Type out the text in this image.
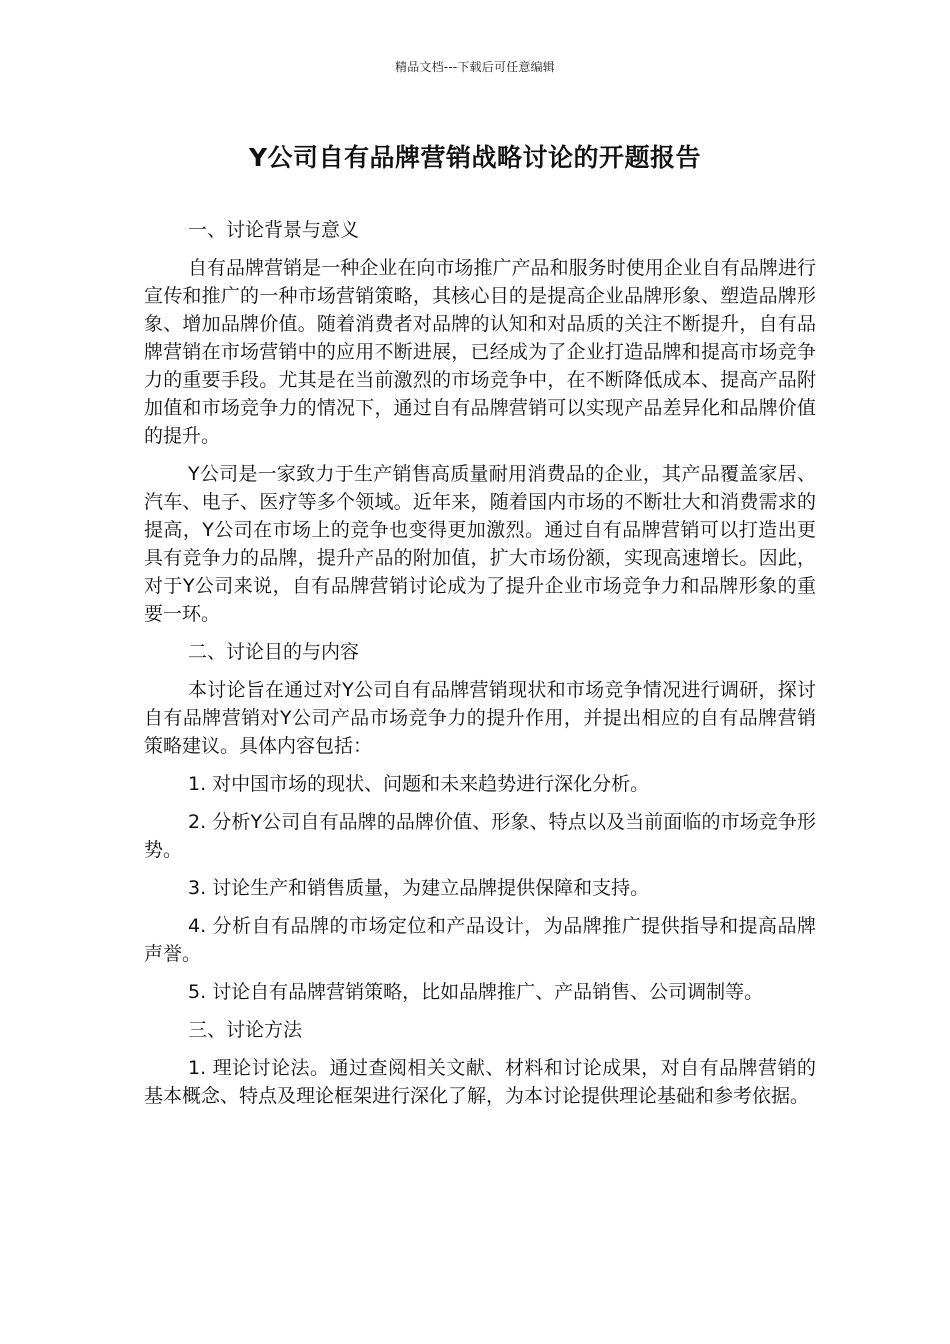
精品文档---下载后可任意编辑
Y公司自有品牌营销战略讨论的开题报告

一、讨论背景与意义

自有品牌营销是一种企业在向市场推广产品和服务时使用企业自有品牌进行宣传和推广的一种市场营销策略，其核心目的是提高企业品牌形象、塑造品牌形象、增加品牌价值。随着消费者对品牌的认知和对品质的关注不断提升，自有品牌营销在市场营销中的应用不断进展，已经成为了企业打造品牌和提高市场竞争力的重要手段。尤其是在当前激烈的市场竞争中，在不断降低成本、提高产品附加值和市场竞争力的情况下，通过自有品牌营销可以实现产品差异化和品牌价值的提升。

Y公司是一家致力于生产销售高质量耐用消费品的企业，其产品覆盖家居、汽车、电子、医疗等多个领域。近年来，随着国内市场的不断壮大和消费需求的提高，Y公司在市场上的竞争也变得更加激烈。通过自有品牌营销可以打造出更具有竞争力的品牌，提升产品的附加值，扩大市场份额，实现高速增长。因此，对于Y公司来说，自有品牌营销讨论成为了提升企业市场竞争力和品牌形象的重要一环。

二、讨论目的与内容

本讨论旨在通过对Y公司自有品牌营销现状和市场竞争情况进行调研，探讨自有品牌营销对Y公司产品市场竞争力的提升作用，并提出相应的自有品牌营销策略建议。具体内容包括：

1. 对中国市场的现状、问题和未来趋势进行深化分析。

2. 分析Y公司自有品牌的品牌价值、形象、特点以及当前面临的市场竞争形势。

3. 讨论生产和销售质量，为建立品牌提供保障和支持。

4. 分析自有品牌的市场定位和产品设计，为品牌推广提供指导和提高品牌声誉。

5. 讨论自有品牌营销策略，比如品牌推广、产品销售、公司调制等。

三、讨论方法

1. 理论讨论法。通过查阅相关文献、材料和讨论成果，对自有品牌营销的基本概念、特点及理论框架进行深化了解，为本讨论提供理论基础和参考依据。
